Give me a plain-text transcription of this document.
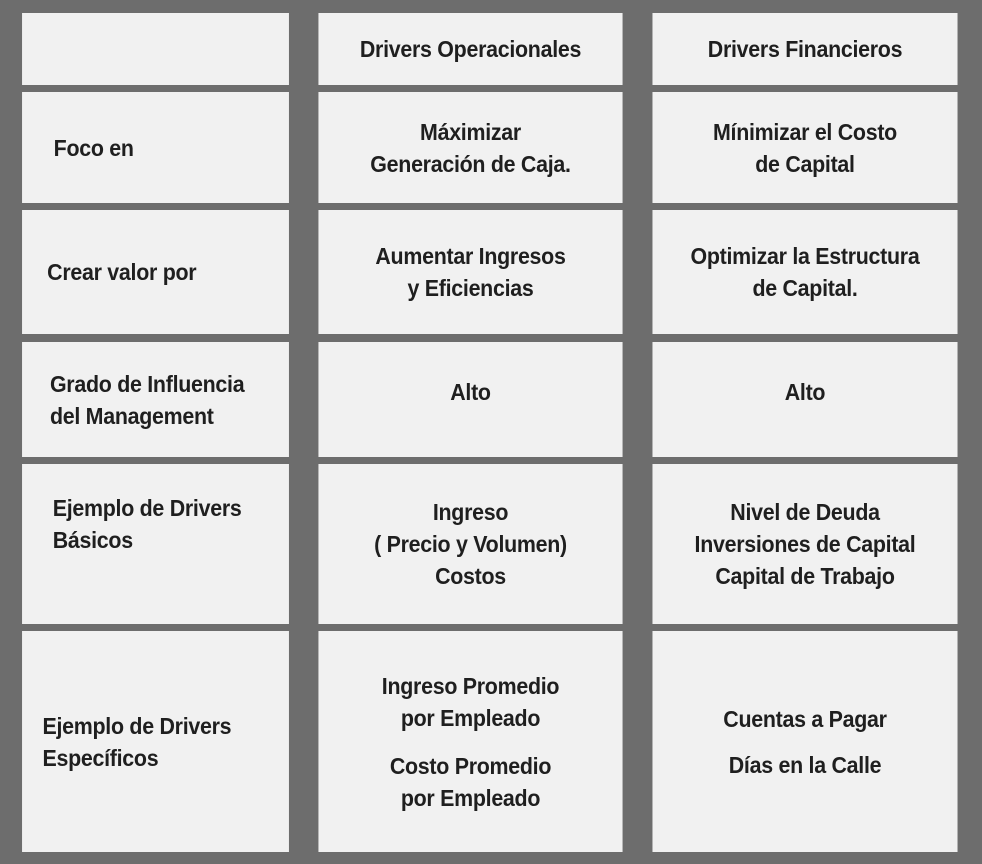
Drivers Operacionales	Drivers Financieros
Foco en
Máximizar
Generación de Caja.
Mínimizar el Costo
de Capital
Crear valor por
Aumentar Ingresos
y Eficiencias
Optimizar la Estructura
de Capital.
Grado de Influencia
del Management
Alto	Alto
Ejemplo de Drivers
Básicos
Ingreso
( Precio y Volumen)
Costos
Nivel de Deuda
Inversiones de Capital
Capital de Trabajo
Ejemplo de Drivers
Específicos
Ingreso Promedio
por Empleado
Costo Promedio
por Empleado
Cuentas a Pagar
Días en la Calle
